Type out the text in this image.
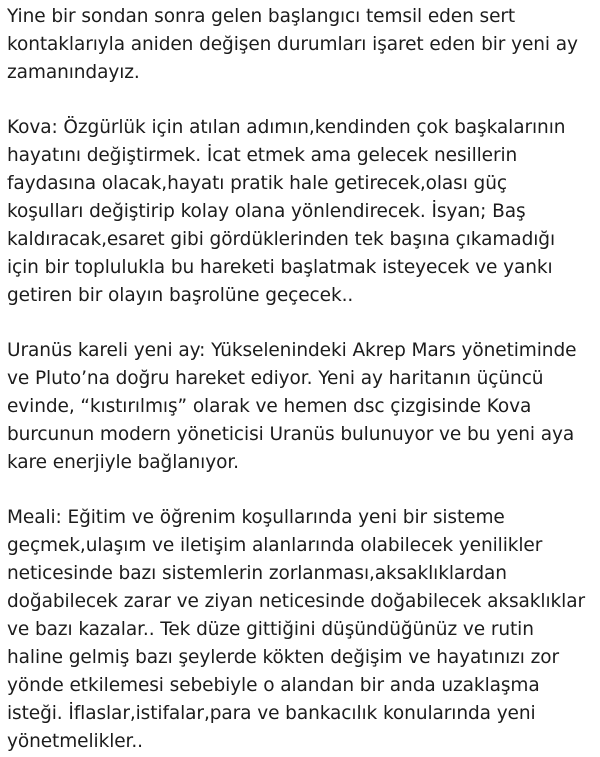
Yine bir sondan sonra gelen başlangıcı temsil eden sert
kontaklarıyla aniden değişen durumları işaret eden bir yeni ay
zamanındayız.
Kova: Özgürlük için atılan adımın,kendinden çok başkalarının
hayatını değiştirmek. İcat etmek ama gelecek nesillerin
faydasına olacak,hayatı pratik hale getirecek,olası güç
koşulları değiştirip kolay olana yönlendirecek. İsyan; Baş
kaldıracak,esaret gibi gördüklerinden tek başına çıkamadığı
için bir toplulukla bu hareketi başlatmak isteyecek ve yankı
getiren bir olayın başrolüne geçecek..
Uranüs kareli yeni ay: Yükselenindeki Akrep Mars yönetiminde
ve Pluto’na doğru hareket ediyor. Yeni ay haritanın üçüncü
evinde, “kıstırılmış” olarak ve hemen dsc çizgisinde Kova
burcunun modern yöneticisi Uranüs bulunuyor ve bu yeni aya
kare enerjiyle bağlanıyor.
Meali: Eğitim ve öğrenim koşullarında yeni bir sisteme
geçmek,ulaşım ve iletişim alanlarında olabilecek yenilikler
neticesinde bazı sistemlerin zorlanması,aksaklıklardan
doğabilecek zarar ve ziyan neticesinde doğabilecek aksaklıklar
ve bazı kazalar.. Tek düze gittiğini düşündüğünüz ve rutin
haline gelmiş bazı şeylerde kökten değişim ve hayatınızı zor
yönde etkilemesi sebebiyle o alandan bir anda uzaklaşma
isteği. İflaslar,istifalar,para ve bankacılık konularında yeni
yönetmelikler..
